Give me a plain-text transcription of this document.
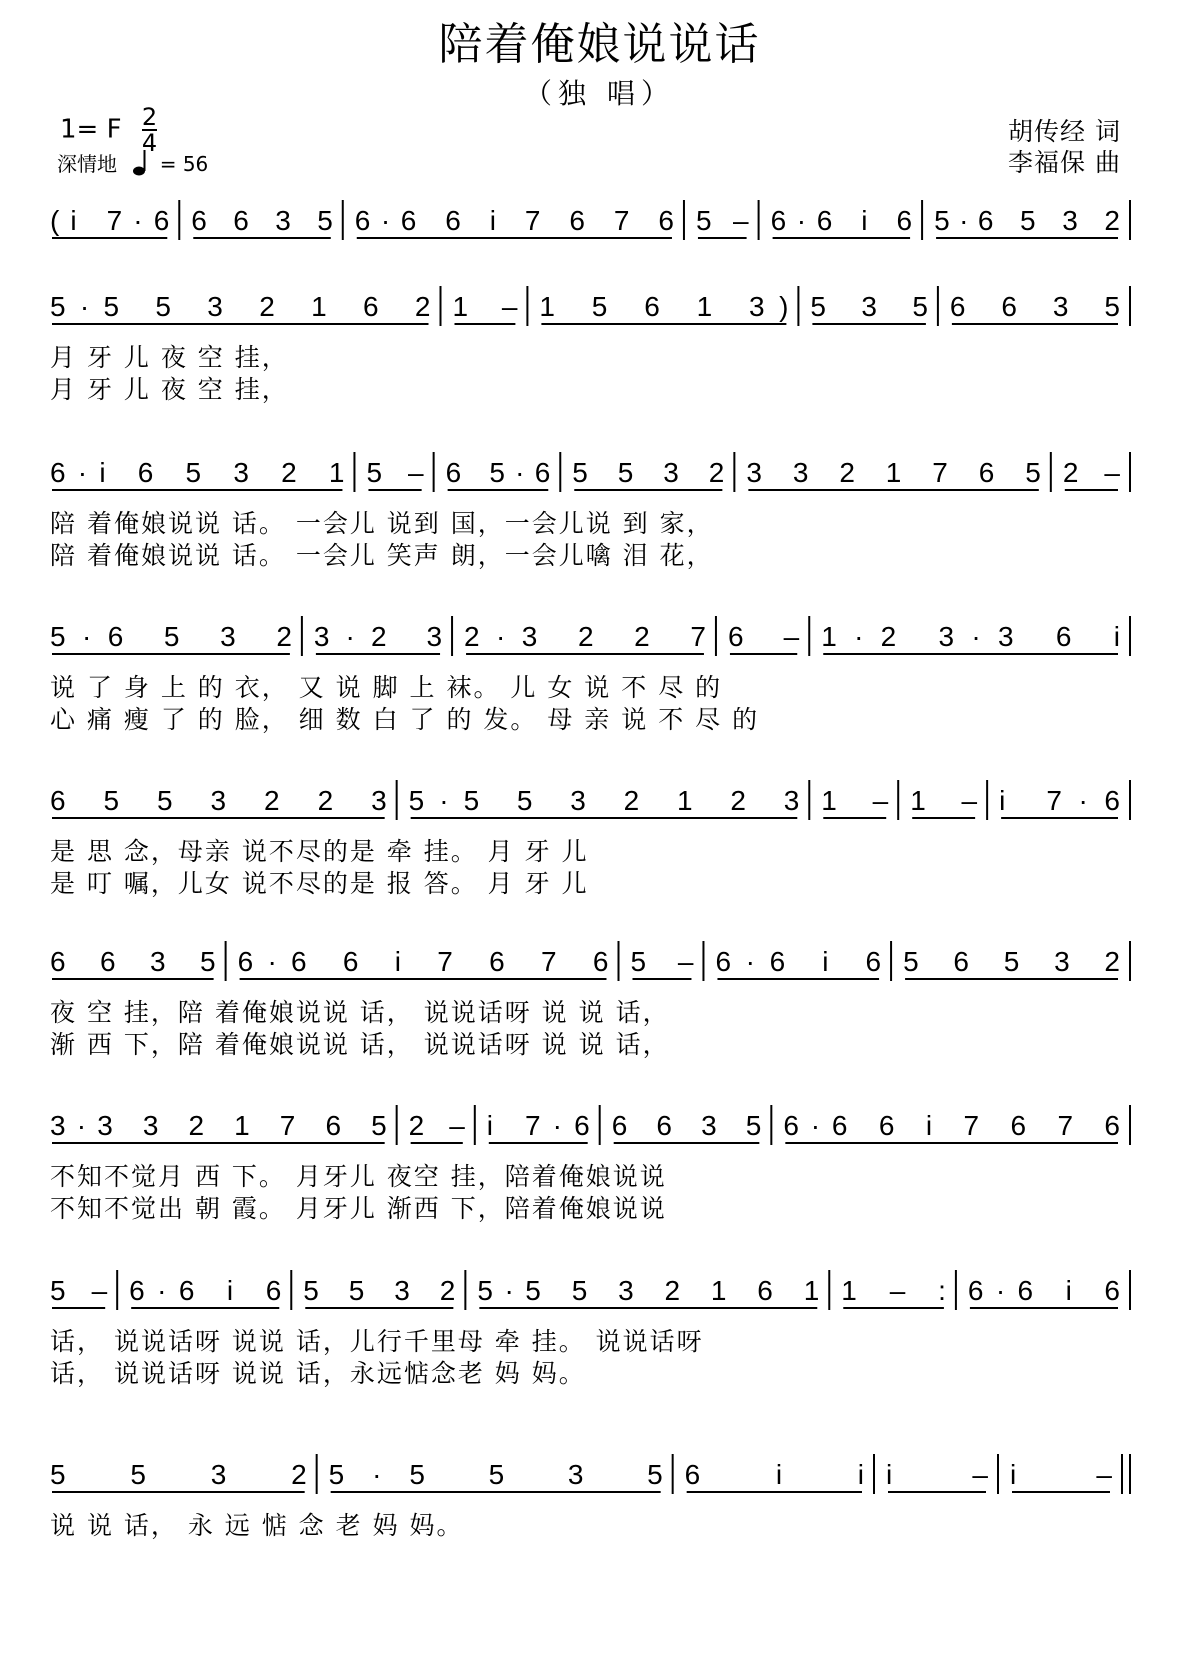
陪着俺娘说说话
（独 唱）
1= F $\frac{2}{4}$
深情地 = 56
胡传经 词
李福保 曲
(i 7·6 6 6 3 5 6·6 6 i 7 6 7 6 5 – 6·6 i 6 5·6 5 3 2
5·5 5 3 2 1 6 2 1 – 1 5 6 1 3) 5 3 5 6 6 3 5
月 牙 儿 夜 空 挂，
月 牙 儿 夜 空 挂，
6·i 6 5 3 2 1 5 – 6 5·6 5 5 3 2 3 3 2 1 7 6 5 2 –
陪 着俺娘说说 话。 一会儿 说到 国，一会儿说 到 家，
陪 着俺娘说说 话。 一会儿 笑声 朗，一会儿噙 泪 花，
5·6 5 3 2 3·2 3 2·3 2 2 7 6 – 1·2 3·3 6 i
说 了 身 上 的 衣， 又 说 脚 上 袜。 儿 女 说 不 尽 的
心 痛 瘦 了 的 脸， 细 数 白 了 的 发。 母 亲 说 不 尽 的
6 5 5 3 2 2 3 5·5 5 3 2 1 2 3 1 – 1 – i 7·6
是 思 念，母亲 说不尽的是 牵 挂。 月 牙 儿
是 叮 嘱，儿女 说不尽的是 报 答。 月 牙 儿
6 6 3 5 6·6 6 i 7 6 7 6 5 – 6·6 i 6 5 6 5 3 2
夜 空 挂，陪 着俺娘说说 话， 说说话呀 说 说 话，
渐 西 下，陪 着俺娘说说 话， 说说话呀 说 说 话，
3·3 3 2 1 7 6 5 2 – i 7·6 6 6 3 5 6·6 6 i 7 6 7 6
不知不觉月 西 下。 月牙儿 夜空 挂，陪着俺娘说说
不知不觉出 朝 霞。 月牙儿 渐西 下，陪着俺娘说说
5 – 6·6 i 6 5 5 3 2 5·5 5 3 2 1 6 1 1 – : 6·6 i 6
话， 说说话呀 说说 话，儿行千里母 牵 挂。 说说话呀
话， 说说话呀 说说 话，永远惦念老 妈 妈。
5 5 3 2 5·5 5 3 5 6 i i i – i –
说 说 话， 永 远 惦 念 老 妈 妈。
